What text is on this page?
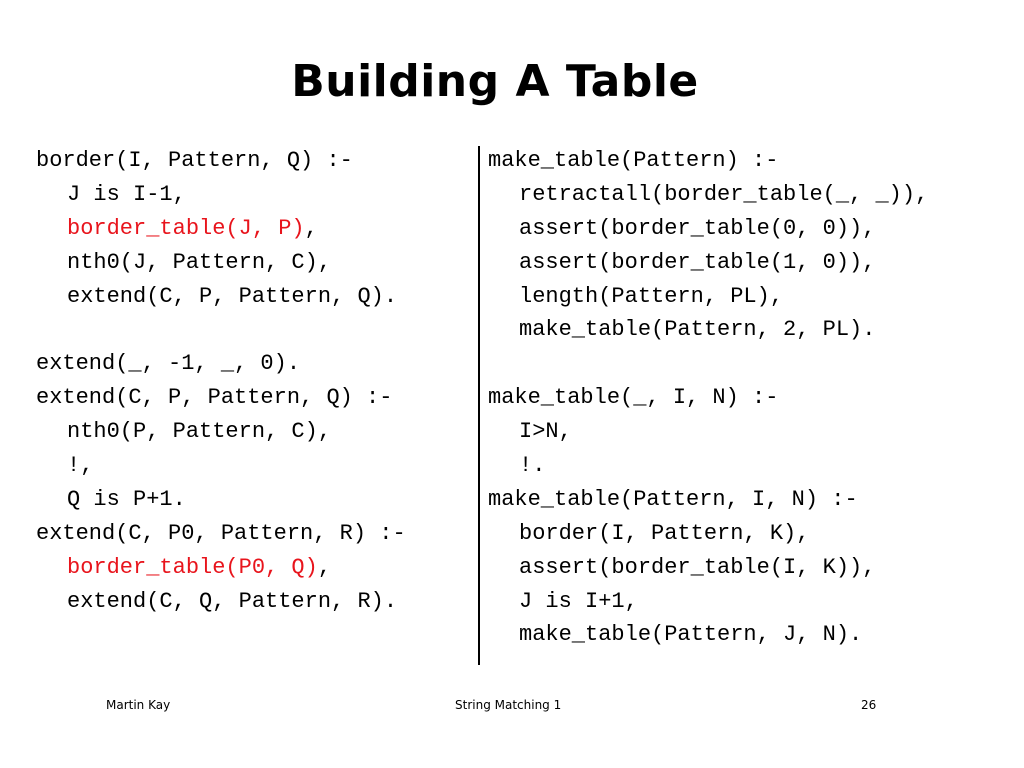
Building A Table
border(I, Pattern, Q) :-
J is I-1,
border_table(J, P),
nth0(J, Pattern, C),
extend(C, P, Pattern, Q).
extend(_, -1, _, 0).
extend(C, P, Pattern, Q) :-
nth0(P, Pattern, C),
!,
Q is P+1.
extend(C, P0, Pattern, R) :-
border_table(P0, Q),
extend(C, Q, Pattern, R).
make_table(Pattern) :-
retractall(border_table(_, _)),
assert(border_table(0, 0)),
assert(border_table(1, 0)),
length(Pattern, PL),
make_table(Pattern, 2, PL).
make_table(_, I, N) :-
I>N,
!.
make_table(Pattern, I, N) :-
border(I, Pattern, K),
assert(border_table(I, K)),
J is I+1,
make_table(Pattern, J, N).
Martin Kay	String Matching 1	26
